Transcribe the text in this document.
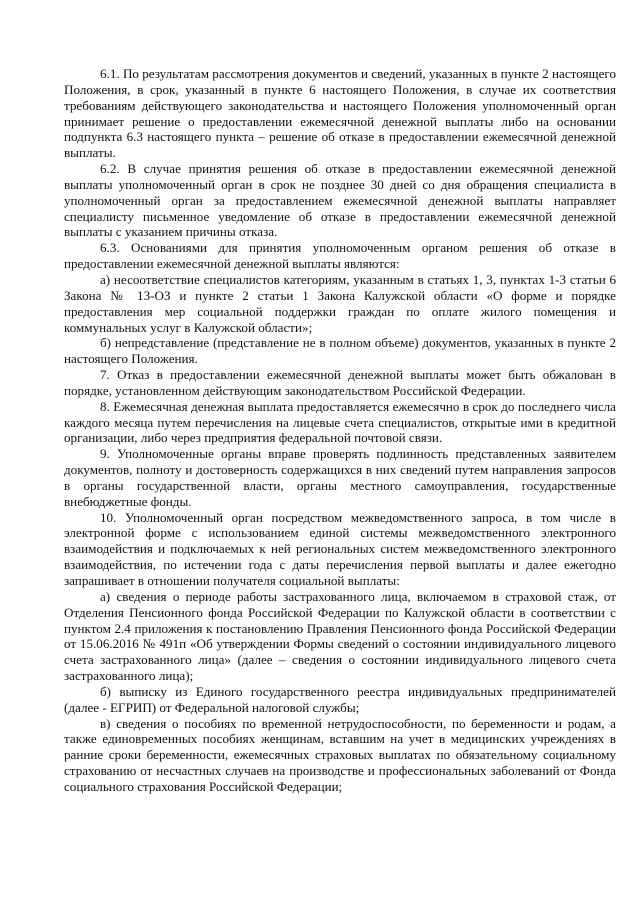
6.1. По результатам рассмотрения документов и сведений, указанных в пункте 2 настоящего Положения, в срок, указанный в пункте 6 настоящего Положения, в случае их соответствия требованиям действующего законодательства и настоящего Положения уполномоченный орган принимает решение о предоставлении ежемесячной денежной выплаты либо на основании подпункта 6.3 настоящего пункта – решение об отказе в предоставлении ежемесячной денежной выплаты.

6.2. В случае принятия решения об отказе в предоставлении ежемесячной денежной выплаты уполномоченный орган в срок не позднее 30 дней со дня обращения специалиста в уполномоченный орган за предоставлением ежемесячной денежной выплаты направляет специалисту письменное уведомление об отказе в предоставлении ежемесячной денежной выплаты с указанием причины отказа.

6.3. Основаниями для принятия уполномоченным органом решения об отказе в предоставлении ежемесячной денежной выплаты являются:

а) несоответствие специалистов категориям, указанным в статьях 1, 3, пунктах 1-3 статьи 6 Закона № 13-ОЗ и пункте 2 статьи 1 Закона Калужской области «О форме и порядке предоставления мер социальной поддержки граждан по оплате жилого помещения и коммунальных услуг в Калужской области»;

б) непредставление (представление не в полном объеме) документов, указанных в пункте 2 настоящего Положения.

7. Отказ в предоставлении ежемесячной денежной выплаты может быть обжалован в порядке, установленном действующим законодательством Российской Федерации.

8. Ежемесячная денежная выплата предоставляется ежемесячно в срок до последнего числа каждого месяца путем перечисления на лицевые счета специалистов, открытые ими в кредитной организации, либо через предприятия федеральной почтовой связи.

9. Уполномоченные органы вправе проверять подлинность представленных заявителем документов, полноту и достоверность содержащихся в них сведений путем направления запросов в органы государственной власти, органы местного самоуправления, государственные внебюджетные фонды.

10. Уполномоченный орган посредством межведомственного запроса, в том числе в электронной форме с использованием единой системы межведомственного электронного взаимодействия и подключаемых к ней региональных систем межведомственного электронного взаимодействия, по истечении года с даты перечисления первой выплаты и далее ежегодно запрашивает в отношении получателя социальной выплаты:

а) сведения о периоде работы застрахованного лица, включаемом в страховой стаж, от Отделения Пенсионного фонда Российской Федерации по Калужской области в соответствии с пунктом 2.4 приложения к постановлению Правления Пенсионного фонда Российской Федерации от 15.06.2016 № 491п «Об утверждении Формы сведений о состоянии индивидуального лицевого счета застрахованного лица» (далее – сведения о состоянии индивидуального лицевого счета застрахованного лица);

б) выписку из Единого государственного реестра индивидуальных предпринимателей (далее - ЕГРИП) от Федеральной налоговой службы;

в) сведения о пособиях по временной нетрудоспособности, по беременности и родам, а также единовременных пособиях женщинам, вставшим на учет в медицинских учреждениях в ранние сроки беременности, ежемесячных страховых выплатах по обязательному социальному страхованию от несчастных случаев на производстве и профессиональных заболеваний от Фонда социального страхования Российской Федерации;
